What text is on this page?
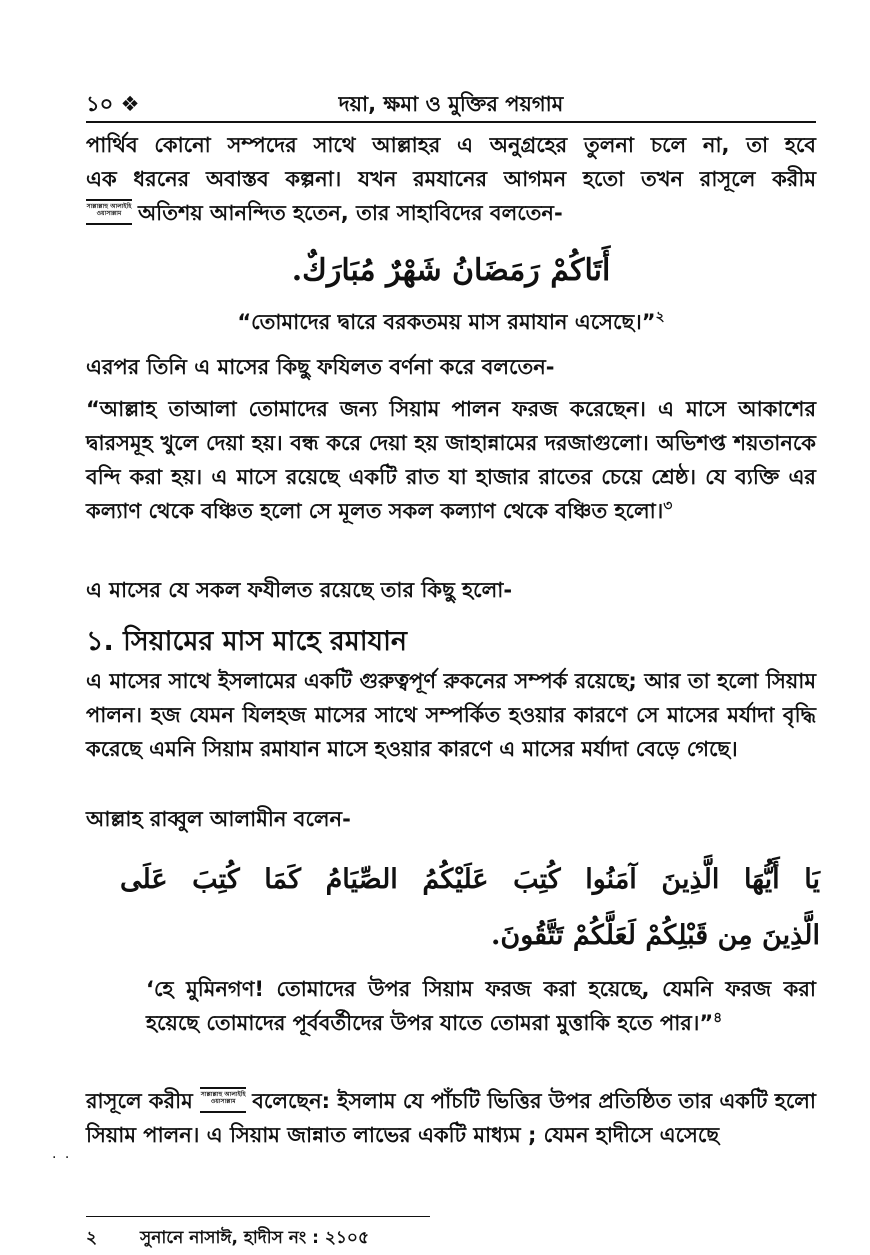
১০ ❖	দয়া, ক্ষমা ও মুক্তির পয়গাম
পার্থিব কোনো সম্পদের সাথে আল্লাহর এ অনুগ্রহের তুলনা চলে না, তা হবে
এক ধরনের অবাস্তব কল্পনা। যখন রমযানের আগমন হতো তখন রাসূলে করীম
সাল্লাল্লাহু আলাইহি ওয়াসাল্লাম অতিশয় আনন্দিত হতেন, তার সাহাবিদের বলতেন-
أَتَاكُمْ رَمَضَانُ شَهْرٌ مُبَارَكٌ.
“তোমাদের দ্বারে বরকতময় মাস রমাযান এসেছে।”$^২$
এরপর তিনি এ মাসের কিছু ফযিলত বর্ণনা করে বলতেন-
“আল্লাহ তাআলা তোমাদের জন্য সিয়াম পালন ফরজ করেছেন। এ মাসে আকাশের দ্বারসমূহ খুলে দেয়া হয়। বন্ধ করে দেয়া হয় জাহান্নামের দরজাগুলো। অভিশপ্ত শয়তানকে বন্দি করা হয়। এ মাসে রয়েছে একটি রাত যা হাজার রাতের চেয়ে শ্রেষ্ঠ। যে ব্যক্তি এর কল্যাণ থেকে বঞ্চিত হলো সে মূলত সকল কল্যাণ থেকে বঞ্চিত হলো।$^৩$
এ মাসের যে সকল ফযীলত রয়েছে তার কিছু হলো-
১. সিয়ামের মাস মাহে রমাযান
এ মাসের সাথে ইসলামের একটি গুরুত্বপূর্ণ রুকনের সম্পর্ক রয়েছে; আর তা হলো সিয়াম পালন। হজ যেমন যিলহজ মাসের সাথে সম্পর্কিত হওয়ার কারণে সে মাসের মর্যাদা বৃদ্ধি করেছে এমনি সিয়াম রমাযান মাসে হওয়ার কারণে এ মাসের মর্যাদা বেড়ে গেছে।
আল্লাহ রাব্বুল আলামীন বলেন-
يَا أَيُّهَا الَّذِينَ آمَنُوا كُتِبَ عَلَيْكُمُ الصِّيَامُ كَمَا كُتِبَ عَلَى
الَّذِينَ مِن قَبْلِكُمْ لَعَلَّكُمْ تَتَّقُونَ.
‘হে মুমিনগণ! তোমাদের উপর সিয়াম ফরজ করা হয়েছে, যেমনি ফরজ করা হয়েছে তোমাদের পূর্ববর্তীদের উপর যাতে তোমরা মুত্তাকি হতে পার।”$^৪$
রাসূলে করীম সাল্লাল্লাহু আলাইহি ওয়াসাল্লাম বলেছেন: ইসলাম যে পাঁচটি ভিত্তির উপর প্রতিষ্ঠিত তার একটি হলো সিয়াম পালন। এ সিয়াম জান্নাত লাভের একটি মাধ্যম ; যেমন হাদীসে এসেছে
· ·
২	সুনানে নাসাঈ, হাদীস নং : ২১০৫
